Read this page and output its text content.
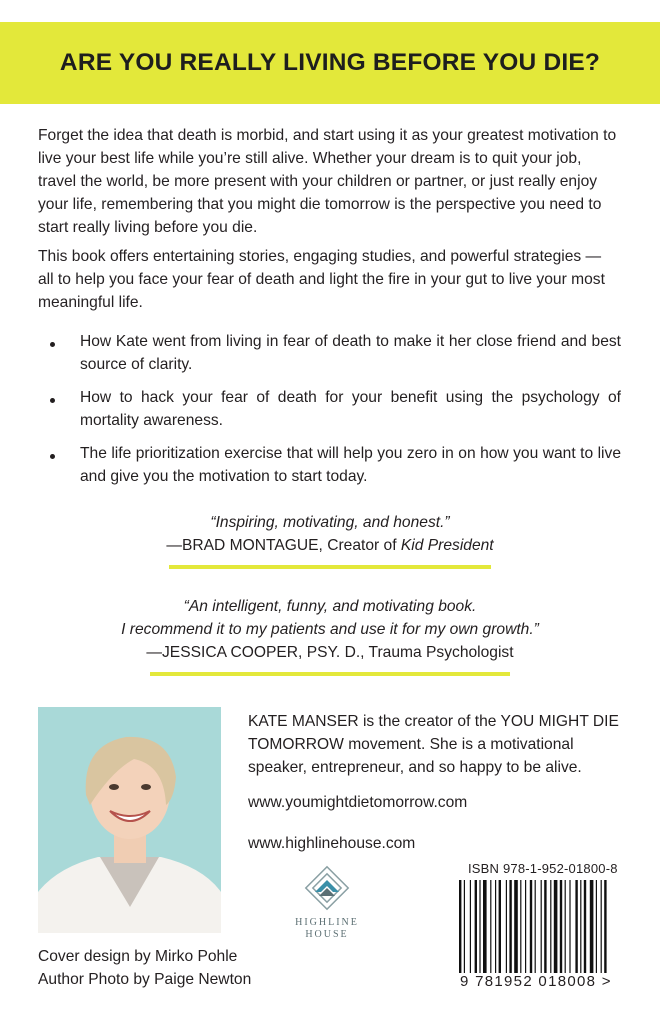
ARE YOU REALLY LIVING BEFORE YOU DIE?

Forget the idea that death is morbid, and start using it as your greatest motivation to live your best life while you’re still alive. Whether your dream is to quit your job, travel the world, be more present with your children or partner, or just really enjoy your life, remembering that you might die tomorrow is the perspective you need to start really living before you die.

This book offers entertaining stories, engaging studies, and powerful strategies — all to help you face your fear of death and light the fire in your gut to live your most meaningful life.

How Kate went from living in fear of death to make it her close friend and best source of clarity.
How to hack your fear of death for your benefit using the psychology of mortality awareness.
The life prioritization exercise that will help you zero in on how you want to live and give you the motivation to start today.
“Inspiring, motivating, and honest.”
—BRAD MONTAGUE, Creator of Kid President
“An intelligent, funny, and motivating book.
I recommend it to my patients and use it for my own growth.”
—JESSICA COOPER, PSY. D., Trauma Psychologist

KATE MANSER is the creator of the YOU MIGHT DIE TOMORROW movement. She is a motivational speaker, entrepreneur, and so happy to be alive.

www.youmightdietomorrow.com

www.highlinehouse.com

HIGHLINE
HOUSE
ISBN 978-1-952-01800-8
9 781952 018008 >
Cover design by Mirko Pohle
Author Photo by Paige Newton
